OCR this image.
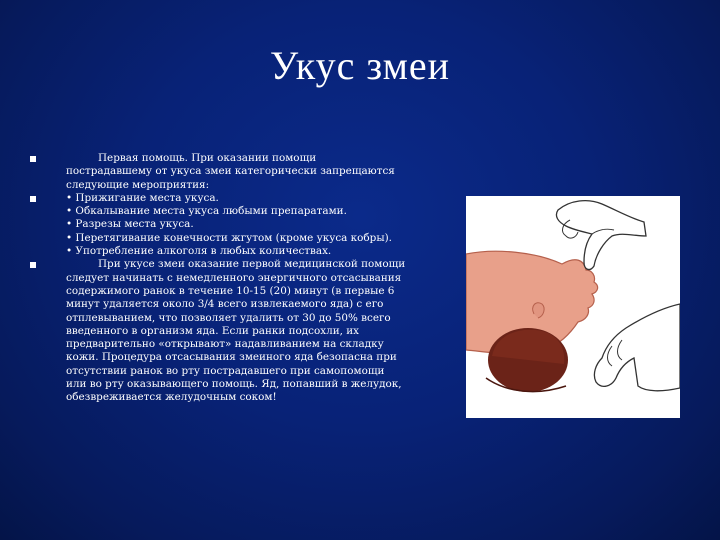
Укус змеи
Первая помощь. При оказании помощи
пострадавшему от укуса змеи категорически запрещаются
следующие мероприятия:
• Прижигание места укуса.
• Обкалывание места укуса любыми препаратами.
• Разрезы места укуса.
• Перетягивание конечности жгутом (кроме укуса кобры).
• Употребление алкоголя в любых количествах.
При укусе змеи оказание первой медицинской помощи
следует начинать с немедленного энергичного отсасывания
содержимого ранок в течение 10-15 (20) минут (в первые 6
минут удаляется около 3/4 всего извлекаемого яда) с его
отплевыванием, что позволяет удалить от 30 до 50% всего
введенного в организм яда. Если ранки подсохли, их
предварительно «открывают» надавливанием на складку
кожи. Процедура отсасывания змеиного яда безопасна при
отсутствии ранок во рту пострадавшего при самопомощи
или во рту оказывающего помощь. Яд, попавший в желудок,
обезвреживается желудочным соком!
